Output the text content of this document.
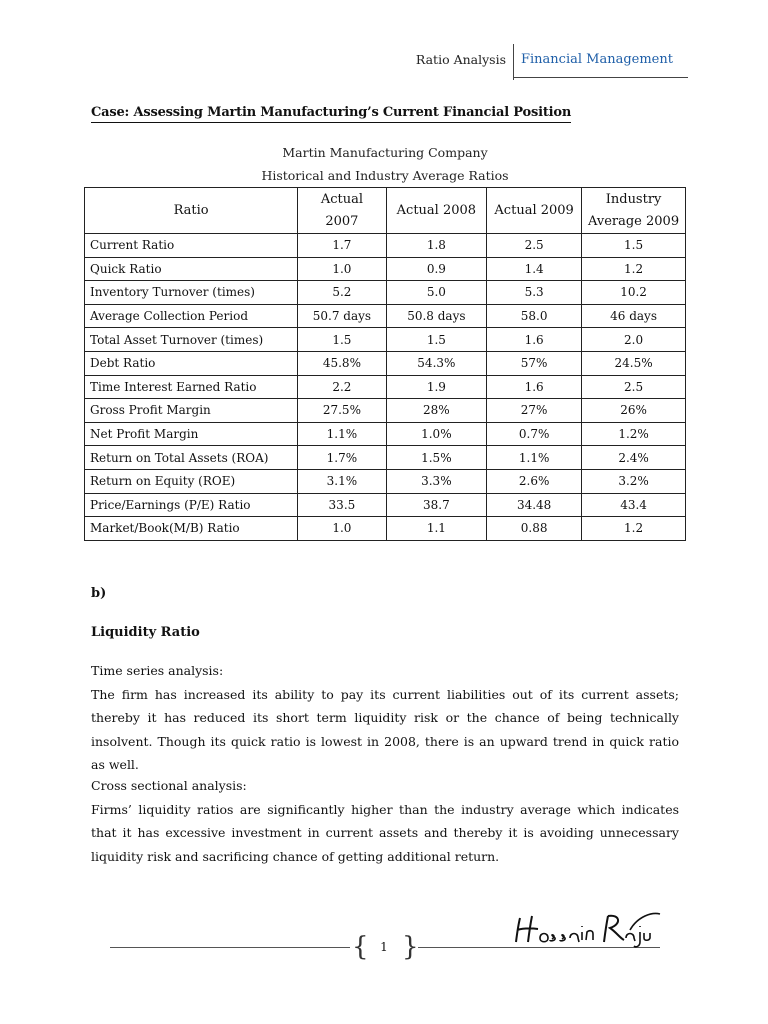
Ratio Analysis Financial Management
Case: Assessing Martin Manufacturing’s Current Financial Position
Martin Manufacturing Company
Historical and Industry Average Ratios
Ratio	Actual 2007	Actual 2008	Actual 2009	Industry Average 2009
Current Ratio	1.7	1.8	2.5	1.5
Quick Ratio	1.0	0.9	1.4	1.2
Inventory Turnover (times)	5.2	5.0	5.3	10.2
Average Collection Period	50.7 days	50.8 days	58.0	46 days
Total Asset Turnover (times)	1.5	1.5	1.6	2.0
Debt Ratio	45.8%	54.3%	57%	24.5%
Time Interest Earned Ratio	2.2	1.9	1.6	2.5
Gross Profit Margin	27.5%	28%	27%	26%
Net Profit Margin	1.1%	1.0%	0.7%	1.2%
Return on Total Assets (ROA)	1.7%	1.5%	1.1%	2.4%
Return on Equity (ROE)	3.1%	3.3%	2.6%	3.2%
Price/Earnings (P/E) Ratio	33.5	38.7	34.48	43.4
Market/Book(M/B) Ratio	1.0	1.1	0.88	1.2
b)
Liquidity Ratio
Time series analysis:
The firm has increased its ability to pay its current liabilities out of its current assets; thereby it has reduced its short term liquidity risk or the chance of being technically insolvent. Though its quick ratio is lowest in 2008, there is an upward trend in quick ratio as well.
Cross sectional analysis:
Firms’ liquidity ratios are significantly higher than the industry average which indicates that it has excessive investment in current assets and thereby it is avoiding unnecessary liquidity risk and sacrificing chance of getting additional return.
{ }
1
